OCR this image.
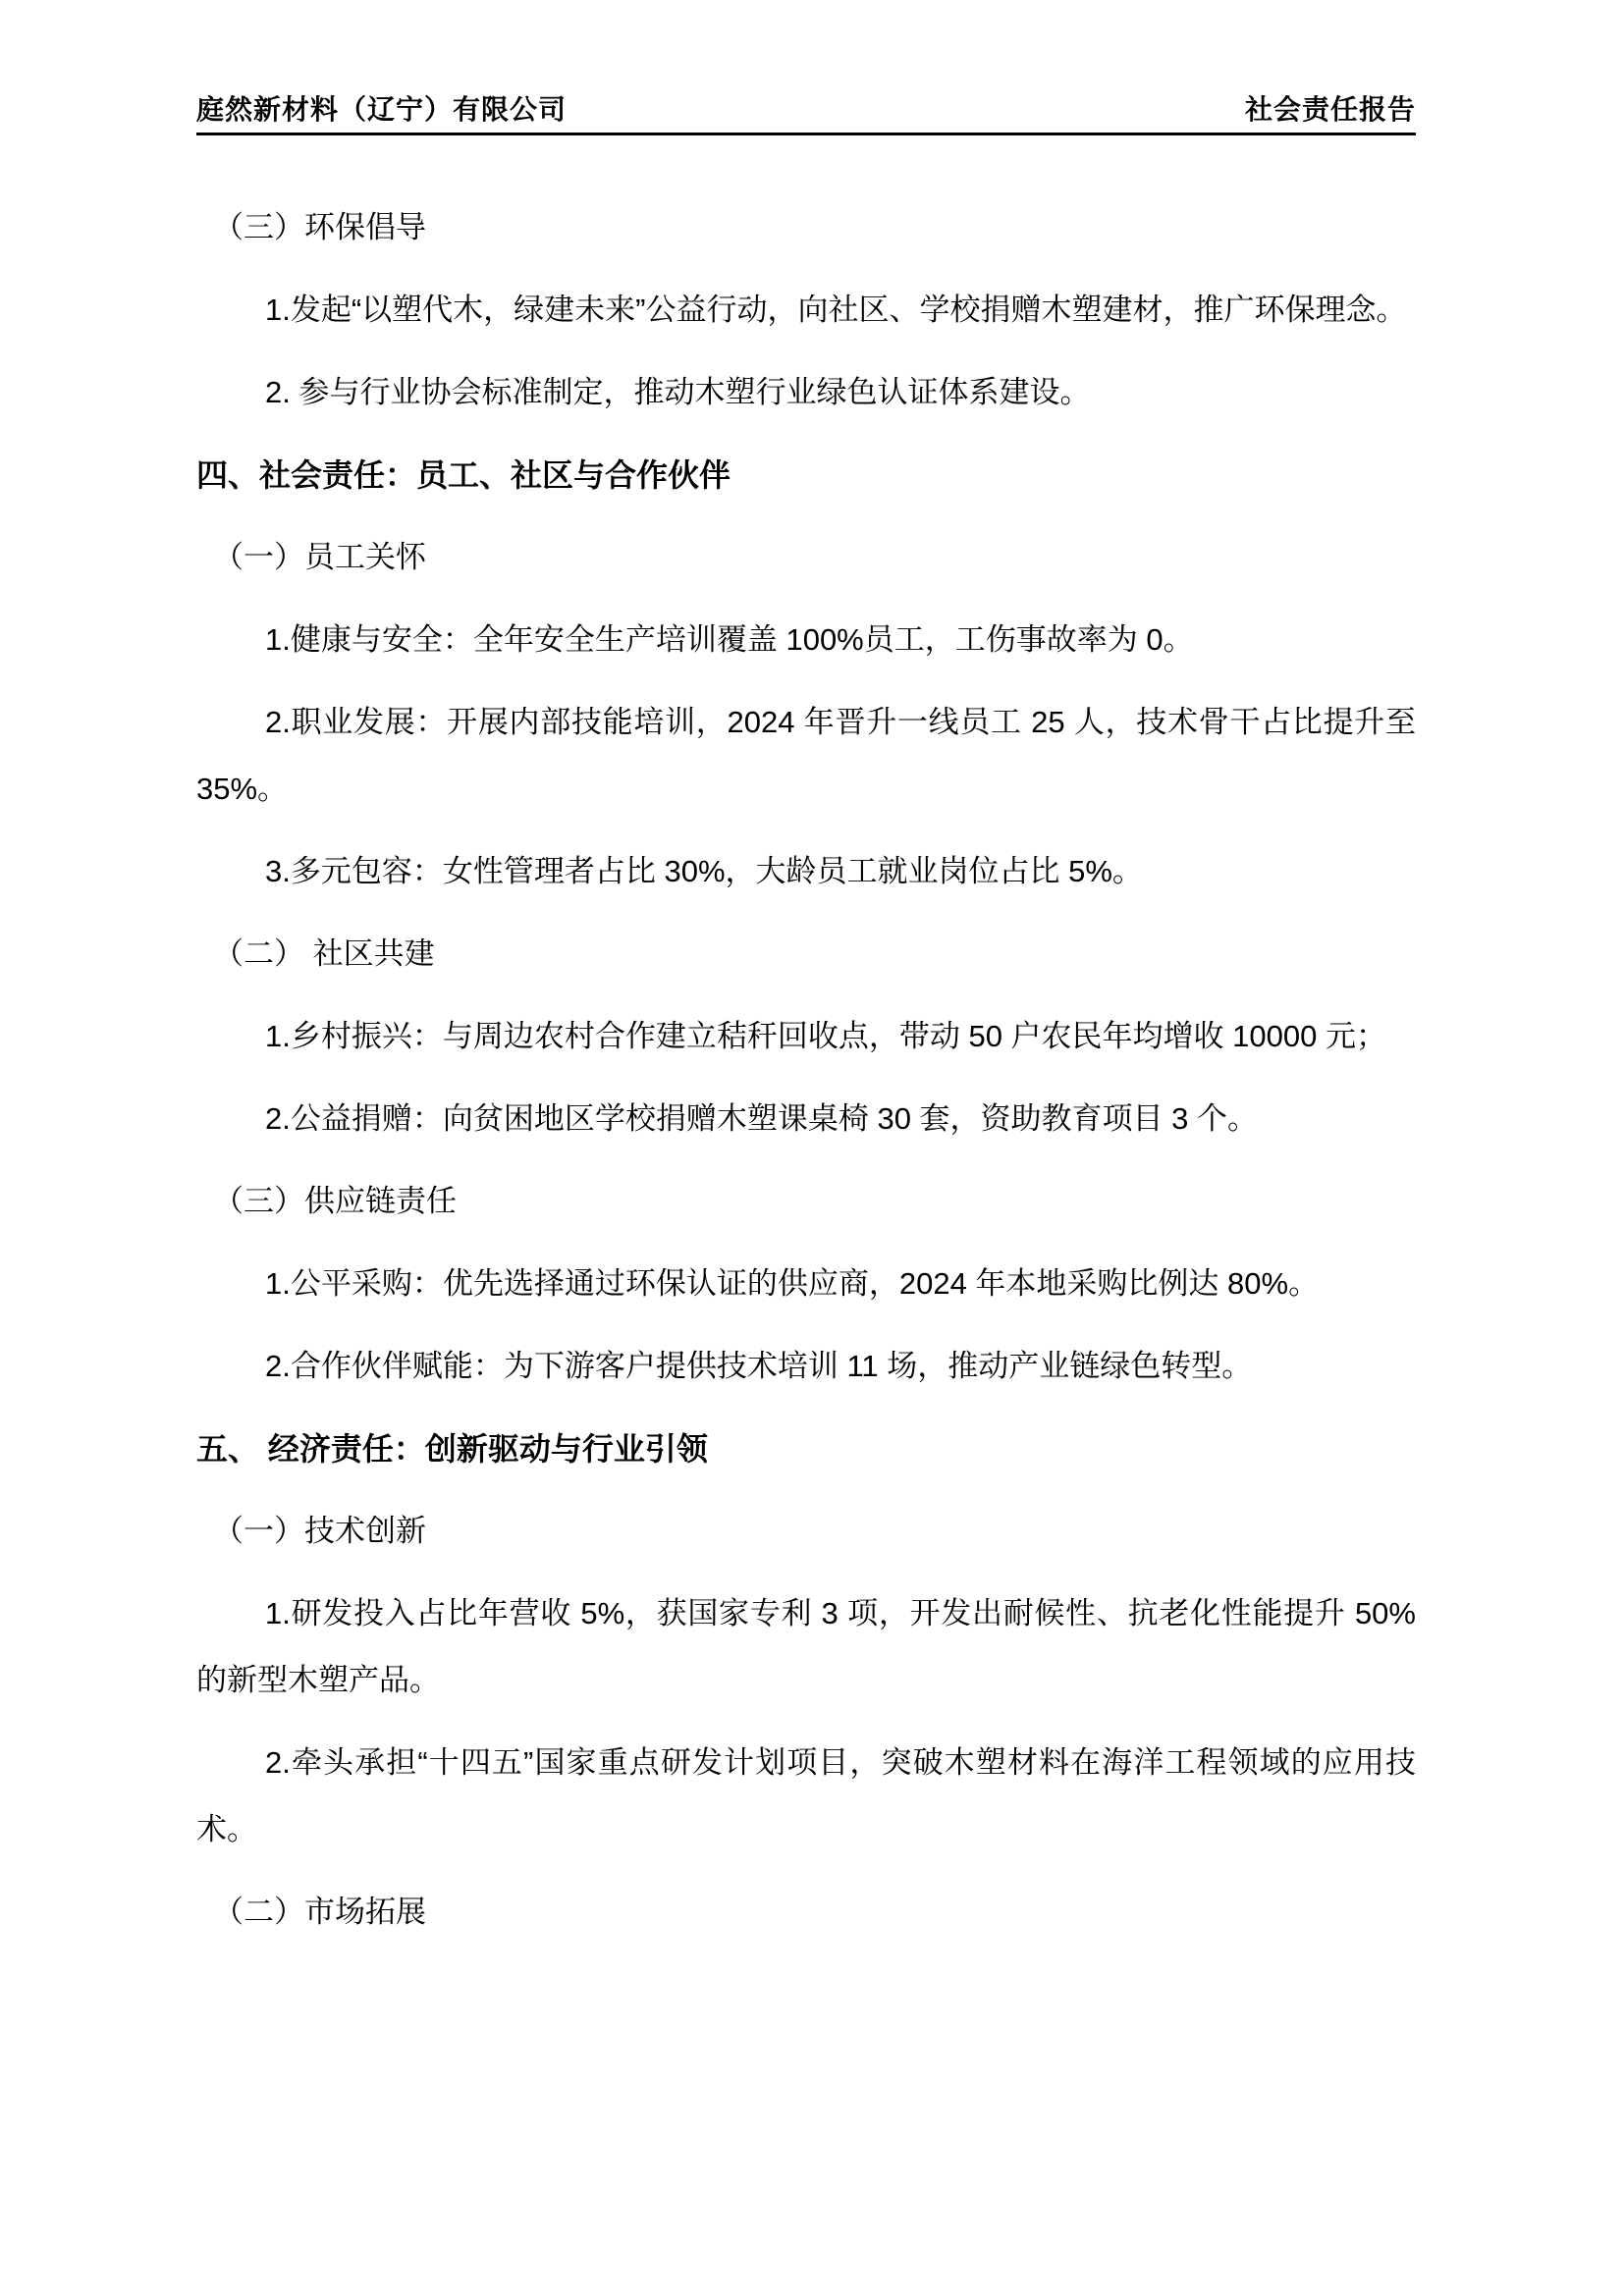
庭然新材料（辽宁）有限公司	社会责任报告

（三）环保倡导

1.发起“以塑代木，绿建未来”公益行动，向社区、学校捐赠木塑建材，推广环保理念。

2. 参与行业协会标准制定，推动木塑行业绿色认证体系建设。

四、社会责任：员工、社区与合作伙伴

（一）员工关怀

1.健康与安全：全年安全生产培训覆盖 100%员工，工伤事故率为 0。

2.职业发展：开展内部技能培训，2024 年晋升一线员工 25 人，技术骨干占比提升至 35%。

3.多元包容：女性管理者占比 30%，大龄员工就业岗位占比 5%。

（二） 社区共建

1.乡村振兴：与周边农村合作建立秸秆回收点，带动 50 户农民年均增收 10000 元；

2.公益捐赠：向贫困地区学校捐赠木塑课桌椅 30 套，资助教育项目 3 个。

（三）供应链责任

1.公平采购：优先选择通过环保认证的供应商，2024 年本地采购比例达 80%。

2.合作伙伴赋能：为下游客户提供技术培训 11 场，推动产业链绿色转型。

五、 经济责任：创新驱动与行业引领

（一）技术创新

1.研发投入占比年营收 5%，获国家专利 3 项，开发出耐候性、抗老化性能提升 50%的新型木塑产品。

2.牵头承担“十四五”国家重点研发计划项目，突破木塑材料在海洋工程领域的应用技术。

（二）市场拓展
